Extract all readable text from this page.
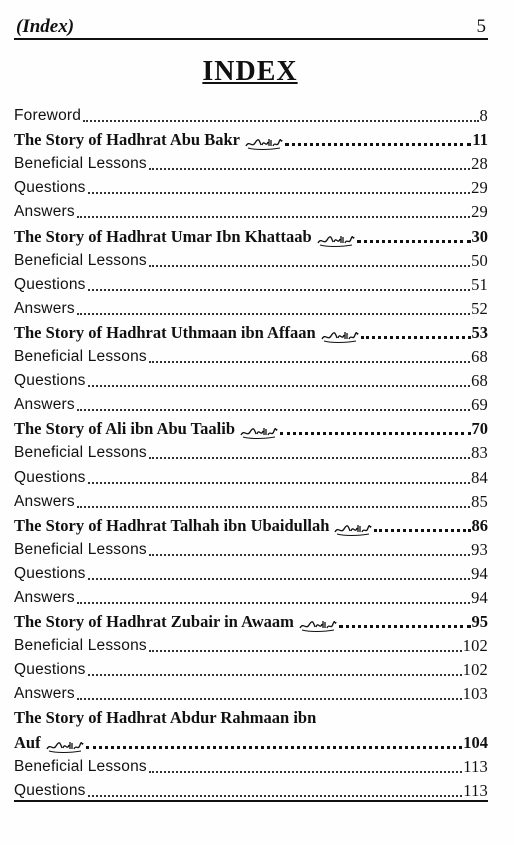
(Index)	5
INDEX
Foreword	8
The Story of Hadhrat Abu Bakr	11
Beneficial Lessons	28
Questions	29
Answers	29
The Story of Hadhrat Umar Ibn Khattaab	30
Beneficial Lessons	50
Questions	51
Answers	52
The Story of Hadhrat Uthmaan ibn Affaan	53
Beneficial Lessons	68
Questions	68
Answers	69
The Story of Ali ibn Abu Taalib	70
Beneficial Lessons	83
Questions	84
Answers	85
The Story of Hadhrat Talhah ibn Ubaidullah	86
Beneficial Lessons	93
Questions	94
Answers	94
The Story of Hadhrat Zubair in Awaam	95
Beneficial Lessons	102
Questions	102
Answers	103
The Story of Hadhrat Abdur Rahmaan ibn
Auf	104
Beneficial Lessons	113
Questions	113
